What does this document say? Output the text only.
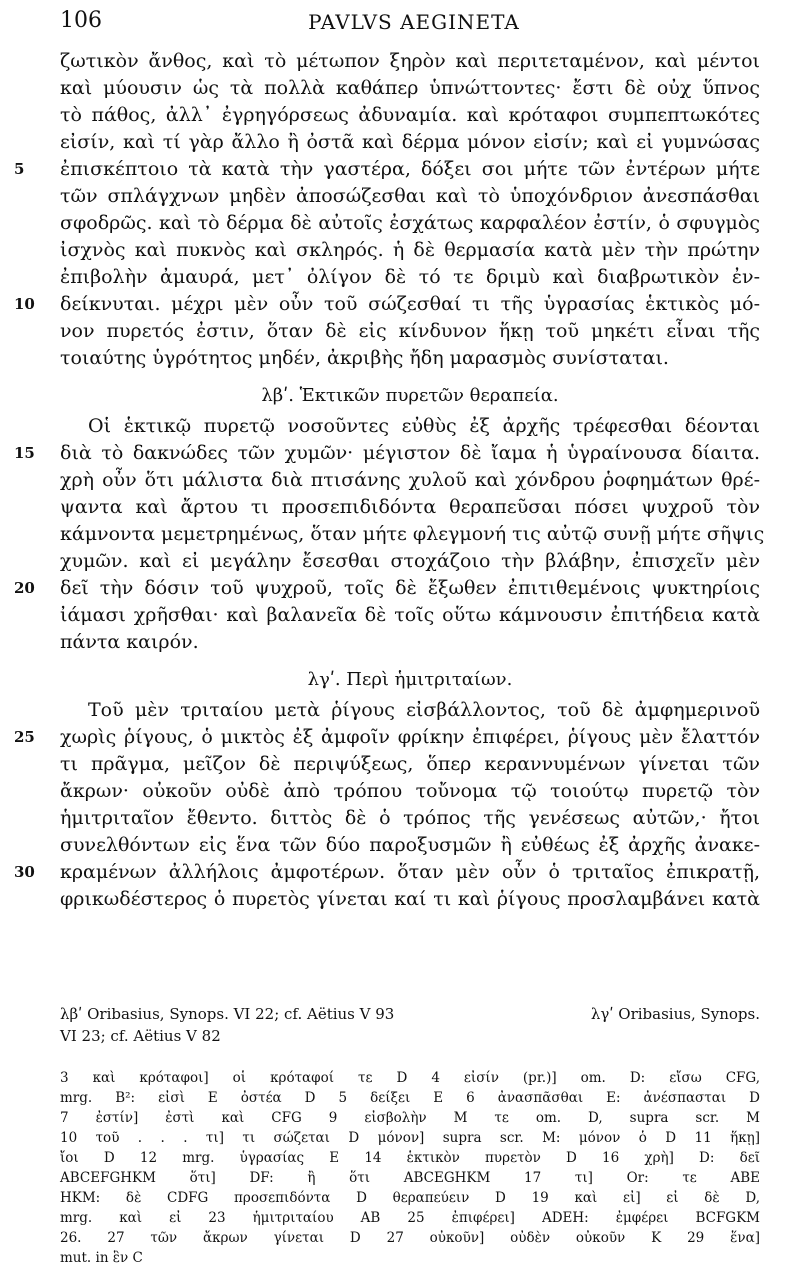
106	PAVLVS AEGINETA
ζωτικὸν ἄνθος, καὶ τὸ μέτωπον ξηρὸν καὶ περιτεταμένον, καὶ μέντοι
καὶ μύουσιν ὡς τὰ πολλὰ καθάπερ ὑπνώττοντες· ἔστι δὲ οὐχ ὕπνος
τὸ πάθος, ἀλλ᾽ ἐγρηγόρσεως ἀδυναμία. καὶ κρόταφοι συμπεπτωκότες
εἰσίν, καὶ τί γὰρ ἄλλο ἢ ὀστᾶ καὶ δέρμα μόνον εἰσίν; καὶ εἰ γυμνώσας
5	ἐπισκέπτοιο τὰ κατὰ τὴν γαστέρα, δόξει σοι μήτε τῶν ἐντέρων μήτε
τῶν σπλάγχνων μηδὲν ἀποσώζεσθαι καὶ τὸ ὑποχόνδριον ἀνεσπάσθαι
σφοδρῶς. καὶ τὸ δέρμα δὲ αὐτοῖς ἐσχάτως καρφαλέον ἐστίν, ὁ σφυγμὸς
ἰσχνὸς καὶ πυκνὸς καὶ σκληρός. ἡ δὲ θερμασία κατὰ μὲν τὴν πρώτην
ἐπιβολὴν ἀμαυρά, μετ᾽ ὀλίγον δὲ τό τε δριμὺ καὶ διαβρωτικὸν ἐν-
10	δείκνυται. μέχρι μὲν οὖν τοῦ σώζεσθαί τι τῆς ὑγρασίας ἑκτικὸς μό-
νον πυρετός ἐστιν, ὅταν δὲ εἰς κίνδυνον ἥκῃ τοῦ μηκέτι εἶναι τῆς
τοιαύτης ὑγρότητος μηδέν, ἀκριβὴς ἤδη μαρασμὸς συνίσταται.
λβʹ. Ἑκτικῶν πυρετῶν θεραπεία.
Οἱ ἑκτικῷ πυρετῷ νοσοῦντες εὐθὺς ἐξ ἀρχῆς τρέφεσθαι δέονται
15	διὰ τὸ δακνώδες τῶν χυμῶν· μέγιστον δὲ ἴαμα ἡ ὑγραίνουσα δίαιτα.
χρὴ οὖν ὅτι μάλιστα διὰ πτισάνης χυλοῦ καὶ χόνδρου ῥοφημάτων θρέ-
ψαντα καὶ ἄρτου τι προσεπιδιδόντα θεραπεῦσαι πόσει ψυχροῦ τὸν
κάμνοντα μεμετρημένως, ὅταν μήτε φλεγμονή τις αὐτῷ συνῇ μήτε σῆψις
χυμῶν. καὶ εἰ μεγάλην ἔσεσθαι στοχάζοιο τὴν βλάβην, ἐπισχεῖν μὲν
20	δεῖ τὴν δόσιν τοῦ ψυχροῦ, τοῖς δὲ ἔξωθεν ἐπιτιθεμένοις ψυκτηρίοις
ἰάμασι χρῆσθαι· καὶ βαλανεῖα δὲ τοῖς οὕτω κάμνουσιν ἐπιτήδεια κατὰ
πάντα καιρόν.
λγʹ. Περὶ ἡμιτριταίων.
Τοῦ μὲν τριταίου μετὰ ῥίγους εἰσβάλλοντος, τοῦ δὲ ἀμφημερινοῦ
25	χωρὶς ῥίγους, ὁ μικτὸς ἐξ ἀμφοῖν φρίκην ἐπιφέρει, ῥίγους μὲν ἔλαττόν
τι πρᾶγμα, μεῖζον δὲ περιψύξεως, ὅπερ κεραννυμένων γίνεται τῶν
ἄκρων· οὐκοῦν οὐδὲ ἀπὸ τρόπου τοὔνομα τῷ τοιούτῳ πυρετῷ τὸν
ἡμιτριταῖον ἔθεντο. διττὸς δὲ ὁ τρόπος τῆς γενέσεως αὐτῶν,· ἤτοι
συνελθόντων εἰς ἕνα τῶν δύο παροξυσμῶν ἢ εὐθέως ἐξ ἀρχῆς ἀνακε-
30	κραμένων ἀλλήλοις ἀμφοτέρων. ὅταν μὲν οὖν ὁ τριταῖος ἐπικρατῇ,
φρικωδέστερος ὁ πυρετὸς γίνεται καί τι καὶ ῥίγους προσλαμβάνει κατὰ
λβʹ Oribasius, Synops. VI 22; cf. Aëtius V 93	λγʹ Oribasius, Synops.
VI 23; cf. Aëtius V 82
3 καὶ κρόταφοι] οἱ κρόταφοί τε D 4 εἰσίν (pr.)] om. D: εἴσω CFG,
mrg. B²: εἰσὶ E ὀστέα D 5 δείξει E 6 ἀνασπᾶσθαι E: ἀνέσπασται D
7 ἐστίν] ἐστὶ καὶ CFG 9 εἰσβολὴν M τε om. D, supra scr. M
10 τοῦ . . . τι] τι σώζεται D μόνον] supra scr. M: μόνον ὁ D 11 ἥκῃ]
ἴοι D 12 mrg. ὑγρασίας E 14 ἑκτικὸν πυρετὸν D 16 χρὴ] D: δεῖ
ABCEFGHKM ὅτι] DF: ἢ ὅτι ABCEGHKM 17 τι] Or: τε ABE
HKM: δὲ CDFG προσεπιδόντα D θεραπεύειν D 19 καὶ εἰ] εἰ δὲ D,
mrg. καὶ εἰ 23 ἡμιτριταίου AB 25 ἐπιφέρει] ADEH: ἐμφέρει BCFGKM
26. 27 τῶν ἄκρων γίνεται D 27 οὐκοῦν] οὐδὲν οὐκοῦν K 29 ἕνα]
mut. in ἓν C
